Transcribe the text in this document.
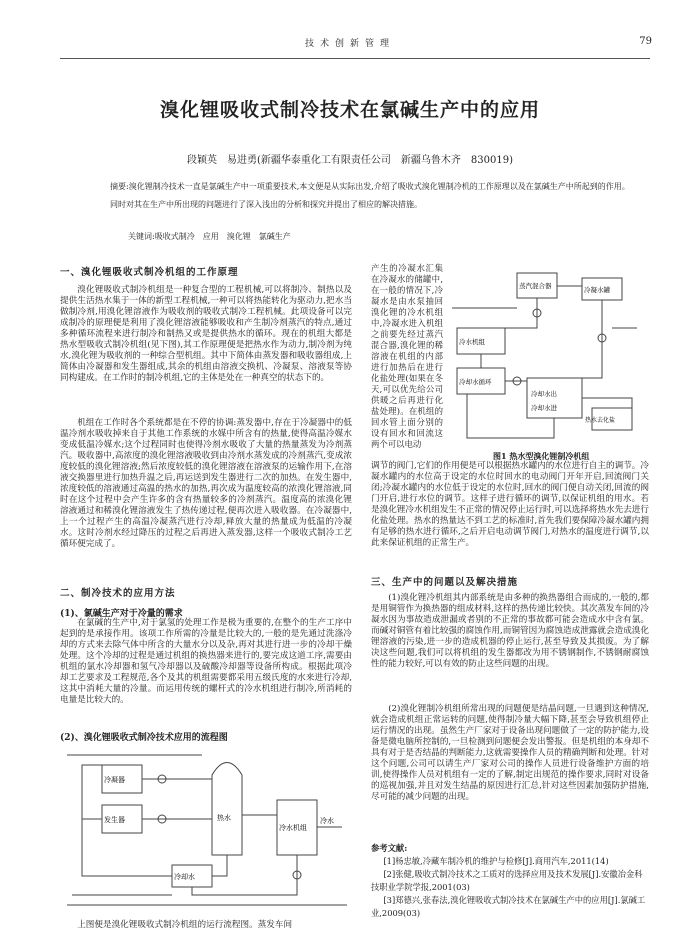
技术创新管理	79
溴化锂吸收式制冷技术在氯碱生产中的应用
段颖英　易进勇(新疆华泰重化工有限责任公司　新疆乌鲁木齐　830019)
摘要:溴化锂制冷技术一直是氯碱生产中一项重要技术,本文便是从实际出发,介绍了吸收式溴化锂制冷机的工作原理以及在氯碱生产中所起到的作用。同时对其在生产中所出现的问题进行了深入浅出的分析和探究并提出了相应的解决措施。
关键词:吸收式制冷　应用　溴化锂　氯碱生产
一、溴化锂吸收式制冷机组的工作原理
溴化锂吸收式制冷机组是一种复合型的工程机械,可以将制冷、制热以及提供生活热水集于一体的新型工程机械,一种可以将热能转化为驱动力,把水当做制冷剂,用溴化锂溶液作为吸收剂的吸收式制冷工程机械。此项设备可以完成制冷的原理便是利用了溴化锂溶液能够吸收和产生制冷剂蒸汽的特点,通过多种循环流程来进行制冷和制热又或是提供热水的循环。现在的机组大都是热水型吸收式制冷机组(见下图),其工作原理便是把热水作为动力,制冷剂为纯水,溴化锂为吸收剂的一种综合型机组。其中下简体由蒸发器和吸收器组成,上简体由冷凝器和发生器组成,其余的机组由溶液交换机、冷凝泵、溶液泵等协同构建成。在工作时的制冷机组,它的主体是处在一种真空的状态下的。
机组在工作时各个系统都是在不停的协调:蒸发器中,存在于冷凝器中的低温冷剂水吸收掉来自于其他工作系统的水媒中所含有的热量,使得高温冷媒水变成低温冷媒水;这个过程同时也使得冷剂水吸收了大量的热量蒸发为冷剂蒸汽。吸收器中,高浓度的溴化锂溶液吸收到由冷剂水蒸发成的冷剂蒸汽,变成浓度较低的溴化锂溶液;然后浓度较低的溴化锂溶液在溶液泵的运输作用下,在溶液交换器里进行加热升温之后,再运送到发生器进行二次的加热。在发生器中,浓度较低的溶液通过高温的热水的加热,再次成为温度较高的浓溴化锂溶液,同时在这个过程中会产生许多的含有热量较多的冷剂蒸汽。温度高的浓溴化锂溶液通过和稀溴化锂溶液发生了热传递过程,便再次进入吸收器。在冷凝器中,上一个过程产生的高温冷凝蒸汽进行冷却,释放大量的热量成为低温的冷凝水。这时冷剂水经过降压的过程之后再进入蒸发器,这样一个吸收式制冷工艺循环便完成了。
二、制冷技术的应用方法
(1)、氯碱生产对于冷量的需求
在氯碱的生产中,对于氯氢的处理工作是极为重要的,在整个的生产工序中起到的是承接作用。该项工作所需的冷量是比较大的,一般的是先通过洗涤冷却的方式来去除气体中所含的大量水分以及杂,再对其进行进一步的冷却干燥处理。这个冷却的过程是通过机组的换热器来进行的,要完成这道工序,需要由机组的氯水冷却器和氢气冷却器以及硫酸冷却器等设备所构成。根据此项冷却工艺要求及工程规范,各个及其的机组需要都采用五级氏度的水来进行冷却,这其中消耗大量的冷量。而运用传统的螺杆式的冷水机组进行制冷,所消耗的电量是比较大的。
(2)、溴化锂吸收式制冷技术应用的流程图
冷凝器
发生器	热水
冷却水
冷水机组
冷水
上图便是溴化锂吸收式制冷机组的运行流程图。蒸发车间
产生的冷凝水汇集在冷凝水的储罐中,在一般的情况下,冷凝水是由水泵抽回溴化锂的冷水机组中,冷凝水进入机组之前要先经过蒸汽混合器,溴化锂的稀溶液在机组的内部进行加热后在进行化盐处理(如果在冬天,可以优先给公司供暖之后再进行化盐处理)。在机组的回水管上面分别的设有回水和回流这两个可以电动
蒸汽混合器	冷凝水罐
冷水机组
冷却水循环
冷却水出
冷却水进
热水去化盐
图1 热水型溴化锂制冷机组
调节的阀门,它们的作用便是可以根据热水罐内的水位进行自主的调节。冷凝水罐内的水位高于设定的水位时回水的电动阀门开年开启,回流阀门关闭;冷凝水罐内的水位低于设定的水位时,回水的阀门便自动关闭,回流的阀门开启,进行水位的调节。这样子进行循环的调节,以保证机组的用水。若是溴化锂冷水机组发生不正常的情况停止运行时,可以选择将热水先去进行化盐处理。热水的热量达不到工艺的标准时,首先我们要保障冷凝水罐内拥有足够的热水进行循环,之后开启电动调节阀门,对热水的温度进行调节,以此来保证机组的正常生产。
三、生产中的问题以及解决措施
(1)溴化锂冷机组其内部系统是由多种的换热器组合而成的,一般的,都是用铜管作为换热器的组成材料,这样的热传递比较快。其次蒸发车间的冷凝水因为事故造成泄漏或者别的不正常的事故都可能会造成水中含有氯。而碱对铜管有着比较强的腐蚀作用,而铜管因为腐蚀造成泄露就会造成溴化锂溶液的污染,进一步的造成机器的停止运行,甚至导致及其损废。为了解决这些问题,我们可以将机组的发生器都改为用不锈钢制作,不锈钢耐腐蚀性的能力较好,可以有效的防止这些问题的出现。
(2)溴化锂制冷机组所常出现的问题便是结晶问题,一旦遇到这种情况,就会造成机组正常运转的问题,使得制冷量大幅下降,甚至会导致机组停止运行情况的出现。虽然生产厂家对于设备出现问题做了一定的防护能力,设备是微电脑所控制的,一旦检测到问题便会发出警报。但是机组的本身却不具有对于是否结晶的判断能力,这就需要操作人员的精确判断和处理。针对这个问题,公司可以请生产厂家对公司的操作人员进行设备维护方面的培训,使得操作人员对机组有一定的了解,制定出规范的操作要求,同时对设备的巡视加强,并且对发生结晶的原因进行汇总,针对这些因素加强防护措施,尽可能的减少问题的出现。
参考文献:
[1]杨忠敏,冷藏车制冷机的维护与检修[J].商用汽车,2011(14)
[2]张健,吸收式制冷技术之工质对的选择应用及技术发展[J].安徽冶金科技职业学院学报,2001(03)
[3]郑德兴,张春法,溴化锂吸收式制冷技术在氯碱生产中的应用[J].氯碱工业,2009(03)
